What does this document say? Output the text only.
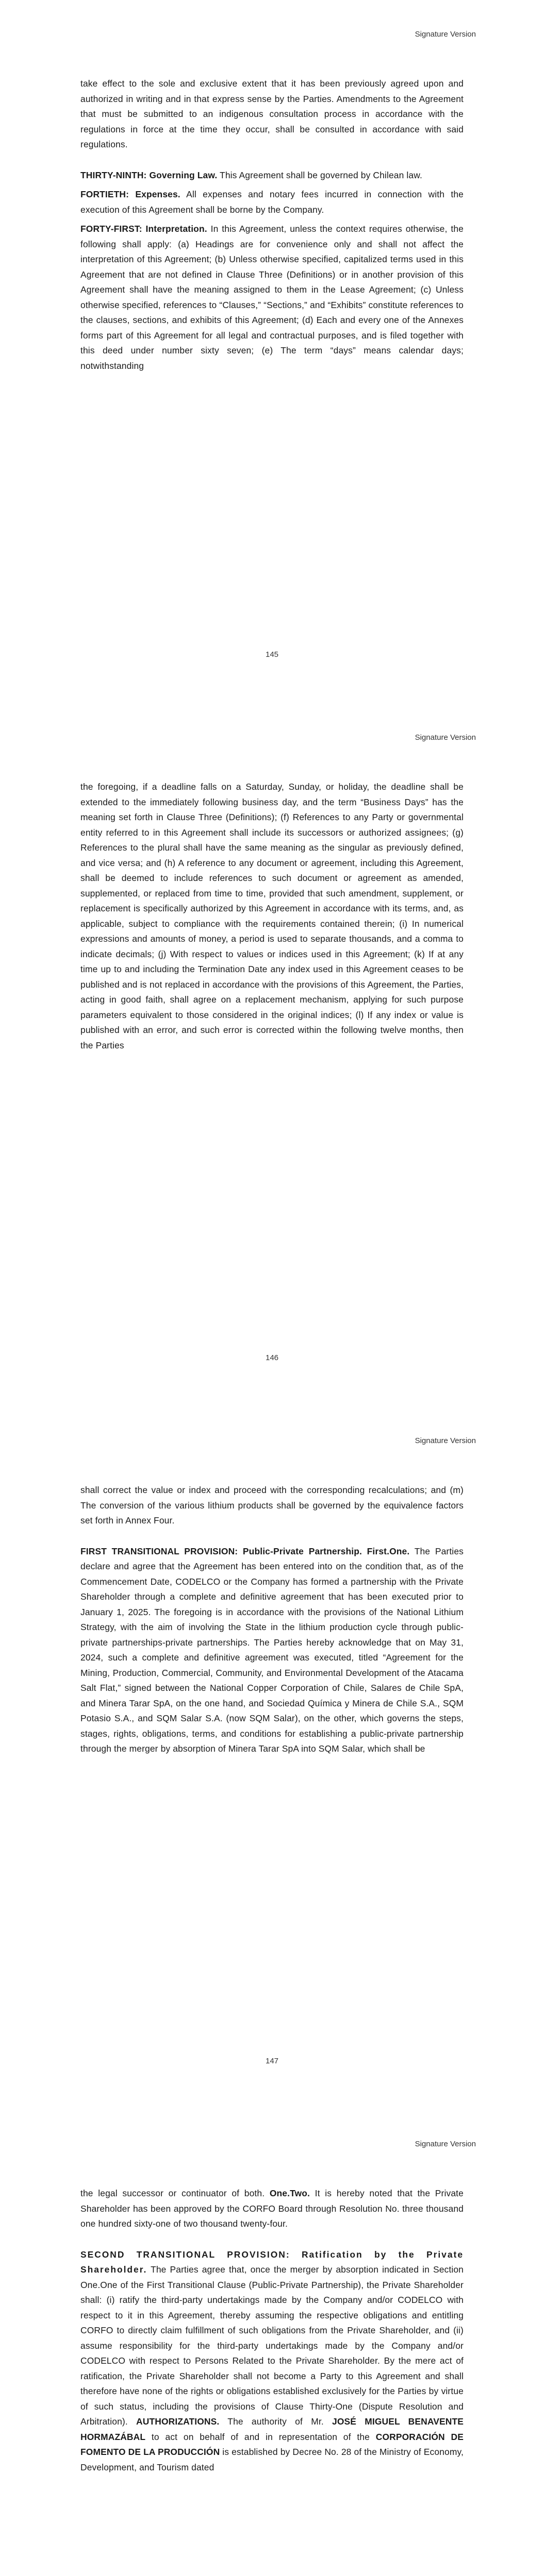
Signature Version

take effect to the sole and exclusive extent that it has been previously agreed upon and authorized in writing and in that express sense by the Parties. Amendments to the Agreement that must be submitted to an indigenous consultation process in accordance with the regulations in force at the time they occur, shall be consulted in accordance with said regulations.

THIRTY-NINTH: Governing Law. This Agreement shall be governed by Chilean law.

FORTIETH: Expenses. All expenses and notary fees incurred in connection with the execution of this Agreement shall be borne by the Company.

FORTY-FIRST: Interpretation. In this Agreement, unless the context requires otherwise, the following shall apply: (a) Headings are for convenience only and shall not affect the interpretation of this Agreement; (b) Unless otherwise specified, capitalized terms used in this Agreement that are not defined in Clause Three (Definitions) or in another provision of this Agreement shall have the meaning assigned to them in the Lease Agreement; (c) Unless otherwise specified, references to “Clauses,” “Sections,” and “Exhibits” constitute references to the clauses, sections, and exhibits of this Agreement; (d) Each and every one of the Annexes forms part of this Agreement for all legal and contractual purposes, and is filed together with this deed under number sixty seven; (e) The term “days” means calendar days; notwithstanding

145
Signature Version

the foregoing, if a deadline falls on a Saturday, Sunday, or holiday, the deadline shall be extended to the immediately following business day, and the term “Business Days” has the meaning set forth in Clause Three (Definitions); (f) References to any Party or governmental entity referred to in this Agreement shall include its successors or authorized assignees; (g) References to the plural shall have the same meaning as the singular as previously defined, and vice versa; and (h) A reference to any document or agreement, including this Agreement, shall be deemed to include references to such document or agreement as amended, supplemented, or replaced from time to time, provided that such amendment, supplement, or replacement is specifically authorized by this Agreement in accordance with its terms, and, as applicable, subject to compliance with the requirements contained therein; (i) In numerical expressions and amounts of money, a period is used to separate thousands, and a comma to indicate decimals; (j) With respect to values or indices used in this Agreement; (k) If at any time up to and including the Termination Date any index used in this Agreement ceases to be published and is not replaced in accordance with the provisions of this Agreement, the Parties, acting in good faith, shall agree on a replacement mechanism, applying for such purpose parameters equivalent to those considered in the original indices; (l) If any index or value is published with an error, and such error is corrected within the following twelve months, then the Parties

146
Signature Version

shall correct the value or index and proceed with the corresponding recalculations; and (m) The conversion of the various lithium products shall be governed by the equivalence factors set forth in Annex Four.

FIRST TRANSITIONAL PROVISION: Public-Private Partnership. First.One. The Parties declare and agree that the Agreement has been entered into on the condition that, as of the Commencement Date, CODELCO or the Company has formed a partnership with the Private Shareholder through a complete and definitive agreement that has been executed prior to January 1, 2025. The foregoing is in accordance with the provisions of the National Lithium Strategy, with the aim of involving the State in the lithium production cycle through public-private partnerships-private partnerships. The Parties hereby acknowledge that on May 31, 2024, such a complete and definitive agreement was executed, titled “Agreement for the Mining, Production, Commercial, Community, and Environmental Development of the Atacama Salt Flat,” signed between the National Copper Corporation of Chile, Salares de Chile SpA, and Minera Tarar SpA, on the one hand, and Sociedad Química y Minera de Chile S.A., SQM Potasio S.A., and SQM Salar S.A. (now SQM Salar), on the other, which governs the steps, stages, rights, obligations, terms, and conditions for establishing a public-private partnership through the merger by absorption of Minera Tarar SpA into SQM Salar, which shall be

147
Signature Version

the legal successor or continuator of both. One.Two. It is hereby noted that the Private Shareholder has been approved by the CORFO Board through Resolution No. three thousand one hundred sixty-one of two thousand twenty-four.

SECOND TRANSITIONAL PROVISION: Ratification by the Private Shareholder. The Parties agree that, once the merger by absorption indicated in Section One.One of the First Transitional Clause (Public-Private Partnership), the Private Shareholder shall: (i) ratify the third-party undertakings made by the Company and/or CODELCO with respect to it in this Agreement, thereby assuming the respective obligations and entitling CORFO to directly claim fulfillment of such obligations from the Private Shareholder, and (ii) assume responsibility for the third-party undertakings made by the Company and/or CODELCO with respect to Persons Related to the Private Shareholder. By the mere act of ratification, the Private Shareholder shall not become a Party to this Agreement and shall therefore have none of the rights or obligations established exclusively for the Parties by virtue of such status, including the provisions of Clause Thirty-One (Dispute Resolution and Arbitration). AUTHORIZATIONS. The authority of Mr. JOSÉ MIGUEL BENAVENTE HORMAZÁBAL to act on behalf of and in representation of the CORPORACIÓN DE FOMENTO DE LA PRODUCCIÓN is established by Decree No. 28 of the Ministry of Economy, Development, and Tourism dated
